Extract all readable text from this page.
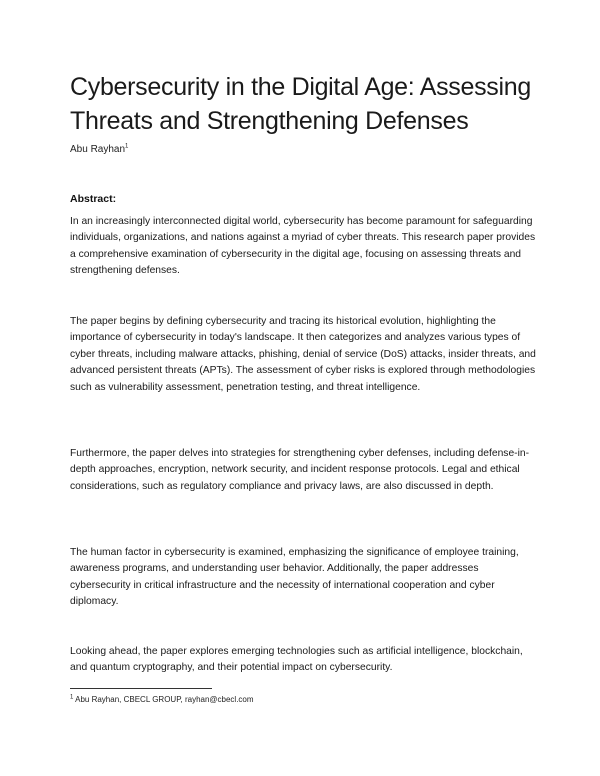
Cybersecurity in the Digital Age: Assessing Threats and Strengthening Defenses
Abu Rayhan$^1$
Abstract:

In an increasingly interconnected digital world, cybersecurity has become paramount for safeguarding individuals, organizations, and nations against a myriad of cyber threats. This research paper provides a comprehensive examination of cybersecurity in the digital age, focusing on assessing threats and strengthening defenses.

The paper begins by defining cybersecurity and tracing its historical evolution, highlighting the importance of cybersecurity in today's landscape. It then categorizes and analyzes various types of cyber threats, including malware attacks, phishing, denial of service (DoS) attacks, insider threats, and advanced persistent threats (APTs). The assessment of cyber risks is explored through methodologies such as vulnerability assessment, penetration testing, and threat intelligence.

Furthermore, the paper delves into strategies for strengthening cyber defenses, including defense-in-depth approaches, encryption, network security, and incident response protocols. Legal and ethical considerations, such as regulatory compliance and privacy laws, are also discussed in depth.

The human factor in cybersecurity is examined, emphasizing the significance of employee training, awareness programs, and understanding user behavior. Additionally, the paper addresses cybersecurity in critical infrastructure and the necessity of international cooperation and cyber diplomacy.

Looking ahead, the paper explores emerging technologies such as artificial intelligence, blockchain, and quantum cryptography, and their potential impact on cybersecurity.

$^1$ Abu Rayhan, CBECL GROUP, rayhan@cbecl.com
